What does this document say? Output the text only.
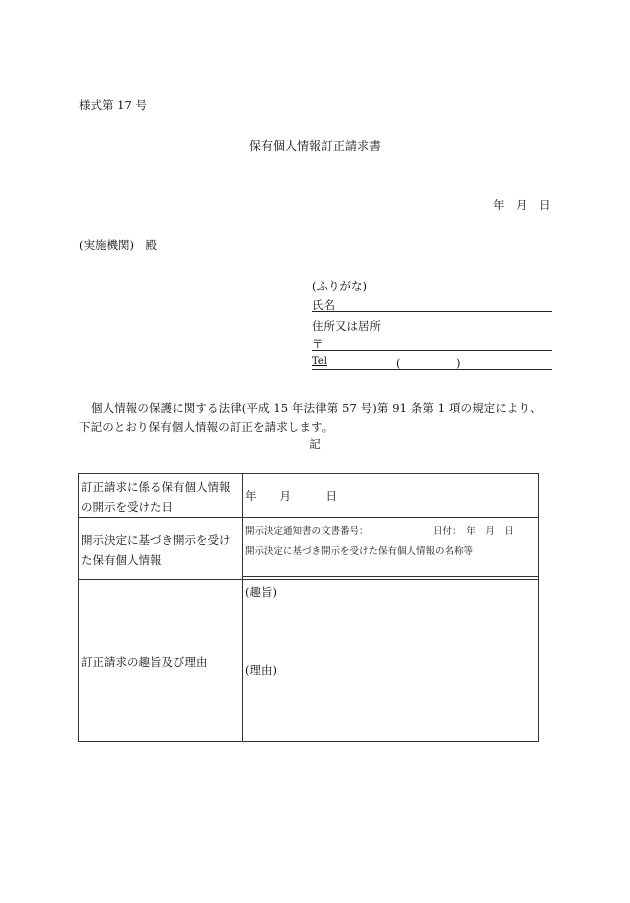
様式第 17 号
保有個人情報訂正請求書
年　月　日
(実施機関)　殿
(ふりがな)
氏名
住所又は居所
〒
Tel	(	)
個人情報の保護に関する法律(平成 15 年法律第 57 号)第 91 条第 1 項の規定により、下記のとおり保有個人情報の訂正を請求します。
記
訂正請求に係る保有個人情報の開示を受けた日	年　　月　　　日

開示決定に基づき開示を受けた保有個人情報	開示決定通知書の文書番号： 日付：　年　月　日
開示決定に基づき開示を受けた保有個人情報の名称等

訂正請求の趣旨及び理由	(趣旨)
(理由)
